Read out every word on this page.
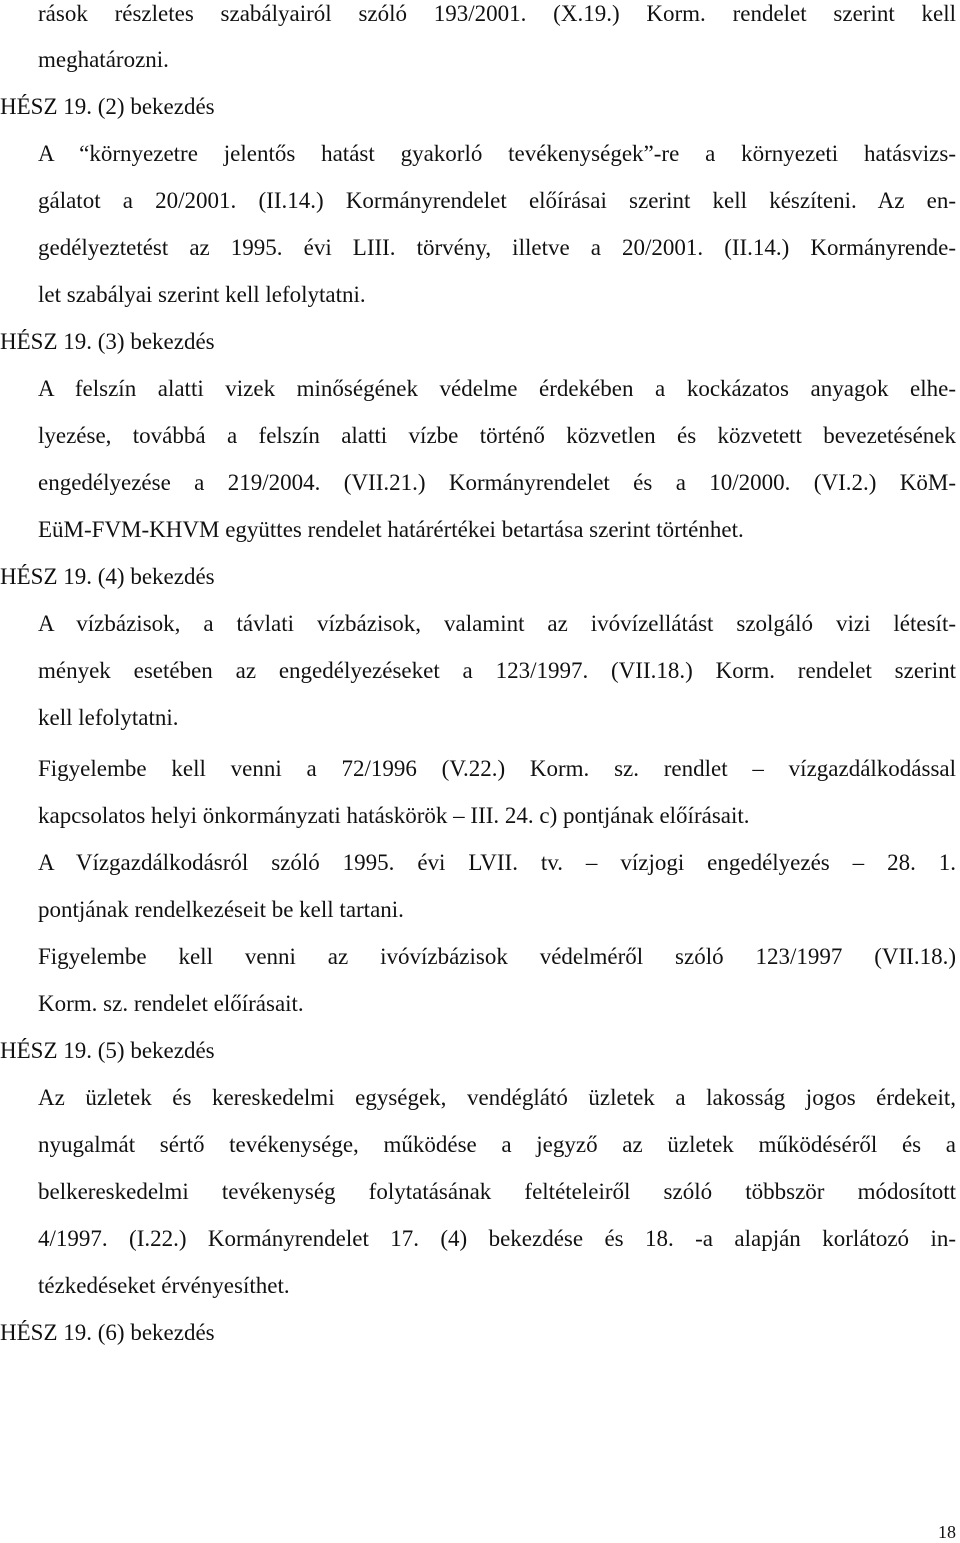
rások részletes szabályairól szóló 193/2001. (X.19.) Korm. rendelet szerint kell
meghatározni.
HÉSZ 19. (2) bekezdés
A “környezetre jelentős hatást gyakorló tevékenységek”-re a környezeti hatásvizs-
gálatot a 20/2001. (II.14.) Kormányrendelet előírásai szerint kell készíteni. Az en-
gedélyeztetést az 1995. évi LIII. törvény, illetve a 20/2001. (II.14.) Kormányrende-
let szabályai szerint kell lefolytatni.
HÉSZ 19. (3) bekezdés
A felszín alatti vizek minőségének védelme érdekében a kockázatos anyagok elhe-
lyezése, továbbá a felszín alatti vízbe történő közvetlen és közvetett bevezetésének
engedélyezése a 219/2004. (VII.21.) Kormányrendelet és a 10/2000. (VI.2.) KöM-
EüM-FVM-KHVM együttes rendelet határértékei betartása szerint történhet.
HÉSZ 19. (4) bekezdés
A vízbázisok, a távlati vízbázisok, valamint az ivóvízellátást szolgáló vizi létesít-
mények esetében az engedélyezéseket a 123/1997. (VII.18.) Korm. rendelet szerint
kell lefolytatni.
Figyelembe kell venni a 72/1996 (V.22.) Korm. sz. rendlet – vízgazdálkodással
kapcsolatos helyi önkormányzati hatáskörök – III. 24. c) pontjának előírásait.
A Vízgazdálkodásról szóló 1995. évi LVII. tv. – vízjogi engedélyezés – 28. 1.
pontjának rendelkezéseit be kell tartani.
Figyelembe kell venni az ivóvízbázisok védelméről szóló 123/1997 (VII.18.)
Korm. sz. rendelet előírásait.
HÉSZ 19. (5) bekezdés
Az üzletek és kereskedelmi egységek, vendéglátó üzletek a lakosság jogos érdekeit,
nyugalmát sértő tevékenysége, működése a jegyző az üzletek működéséről és a
belkereskedelmi tevékenység folytatásának feltételeiről szóló többször módosított
4/1997. (I.22.) Kormányrendelet 17. (4) bekezdése és 18. -a alapján korlátozó in-
tézkedéseket érvényesíthet.
HÉSZ 19. (6) bekezdés
18
